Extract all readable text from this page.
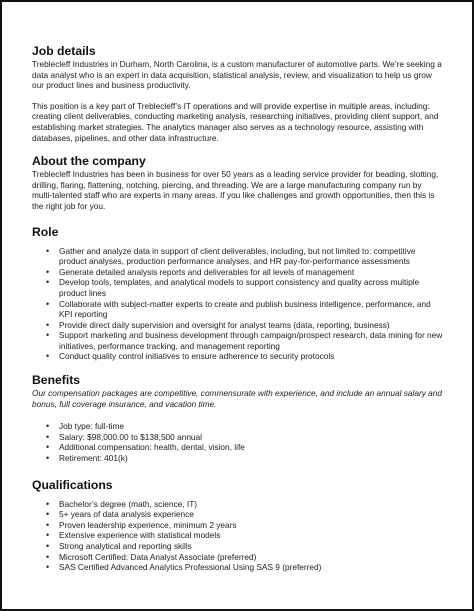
Job details

Treblecleff Industries in Durham, North Carolina, is a custom manufacturer of automotive parts. We’re seeking a data analyst who is an expert in data acquisition, statistical analysis, review, and visualization to help us grow our product lines and business productivity.

This position is a key part of Treblecleff’s IT operations and will provide expertise in multiple areas, including: creating client deliverables, conducting marketing analysis, researching initiatives, providing client support, and establishing market strategies. The analytics manager also serves as a technology resource, assisting with databases, pipelines, and other data infrastructure.

About the company

Treblecleff Industries has been in business for over 50 years as a leading service provider for beading, slotting, drilling, flaring, flattening, notching, piercing, and threading. We are a large manufacturing company run by multi-talented staff who are experts in many areas. If you like challenges and growth opportunities, then this is the right job for you.

Role
• Gather and analyze data in support of client deliverables, including, but not limited to: competitive product analyses, production performance analyses, and HR pay-for-performance assessments
• Generate detailed analysis reports and deliverables for all levels of management
• Develop tools, templates, and analytical models to support consistency and quality across multiple product lines
• Collaborate with subject-matter experts to create and publish business intelligence, performance, and KPI reporting
• Provide direct daily supervision and oversight for analyst teams (data, reporting, business)
• Support marketing and business development through campaign/prospect research, data mining for new initiatives, performance tracking, and management reporting
• Conduct quality control initiatives to ensure adherence to security protocols
Benefits

Our compensation packages are competitive, commensurate with experience, and include an annual salary and bonus, full coverage insurance, and vacation time.

• Job type: full-time
• Salary: $98,000.00 to $138,500 annual
• Additional compensation: health, dental, vision, life
• Retirement: 401(k)
Qualifications
• Bachelor’s degree (math, science, IT)
• 5+ years of data analysis experience
• Proven leadership experience, minimum 2 years
• Extensive experience with statistical models
• Strong analytical and reporting skills
• Microsoft Certified: Data Analyst Associate (preferred)
• SAS Certified Advanced Analytics Professional Using SAS 9 (preferred)
